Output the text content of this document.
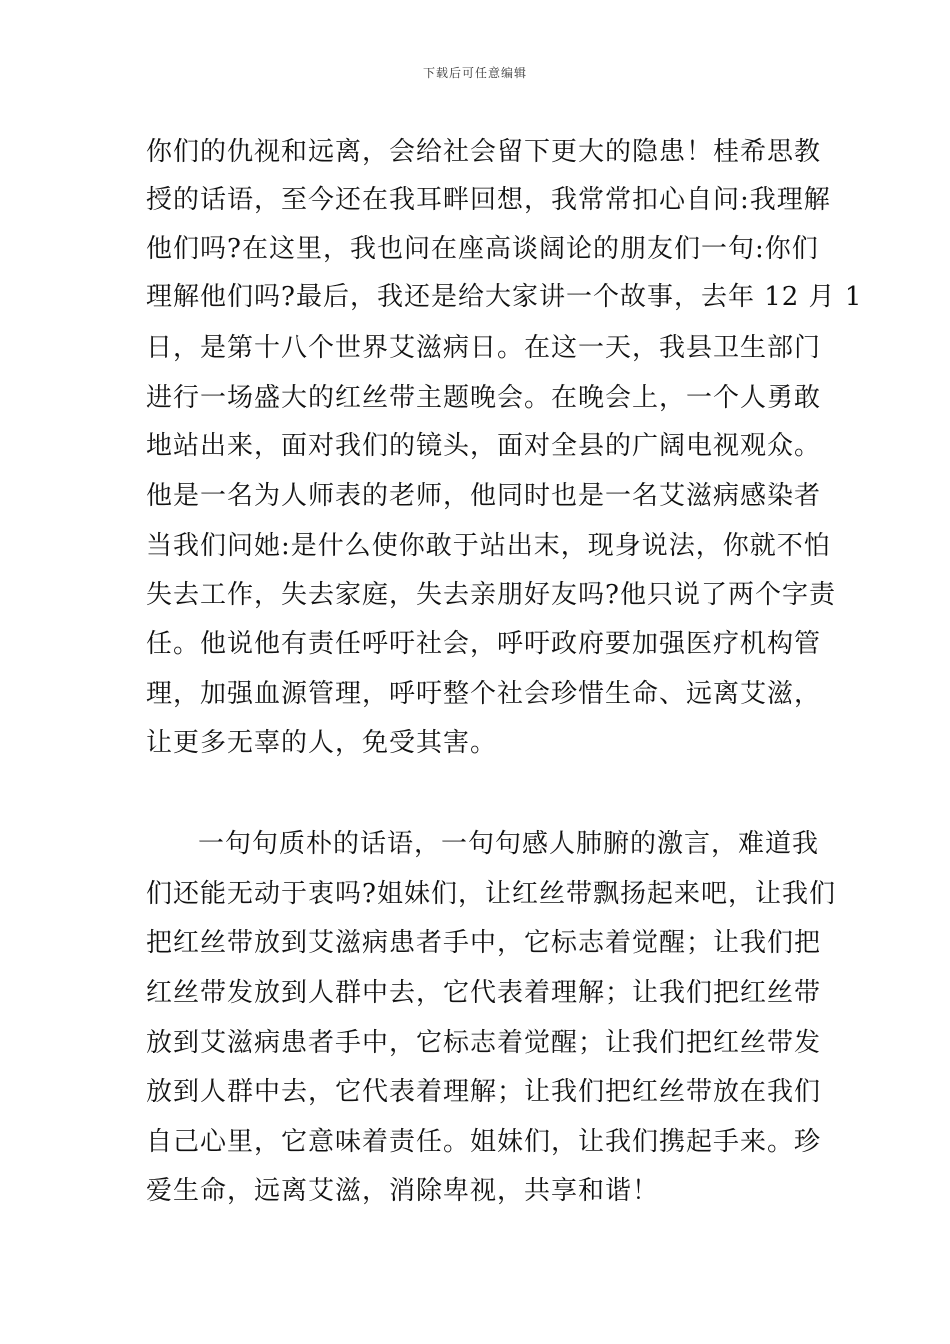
下载后可任意编辑
你们的仇视和远离，会给社会留下更大的隐患！桂希思教
授的话语，至今还在我耳畔回想，我常常扣心自问:我理解
他们吗?在这里，我也问在座高谈阔论的朋友们一句:你们
理解他们吗?最后，我还是给大家讲一个故事，去年 12 月 1
日，是第十八个世界艾滋病日。在这一天，我县卫生部门
进行一场盛大的红丝带主题晚会。在晚会上，一个人勇敢
地站出来，面对我们的镜头，面对全县的广阔电视观众。
他是一名为人师表的老师，他同时也是一名艾滋病感染者
当我们问她:是什么使你敢于站出末，现身说法，你就不怕
失去工作，失去家庭，失去亲朋好友吗?他只说了两个字责
任。他说他有责任呼吁社会，呼吁政府要加强医疗机构管
理，加强血源管理，呼吁整个社会珍惜生命、远离艾滋，
让更多无辜的人，免受其害。
一句句质朴的话语，一句句感人肺腑的激言，难道我
们还能无动于衷吗?姐妹们，让红丝带飘扬起来吧，让我们
把红丝带放到艾滋病患者手中，它标志着觉醒；让我们把
红丝带发放到人群中去，它代表着理解；让我们把红丝带
放到艾滋病患者手中，它标志着觉醒；让我们把红丝带发
放到人群中去，它代表着理解；让我们把红丝带放在我们
自己心里，它意味着责任。姐妹们，让我们携起手来。珍
爱生命，远离艾滋，消除卑视，共享和谐！
